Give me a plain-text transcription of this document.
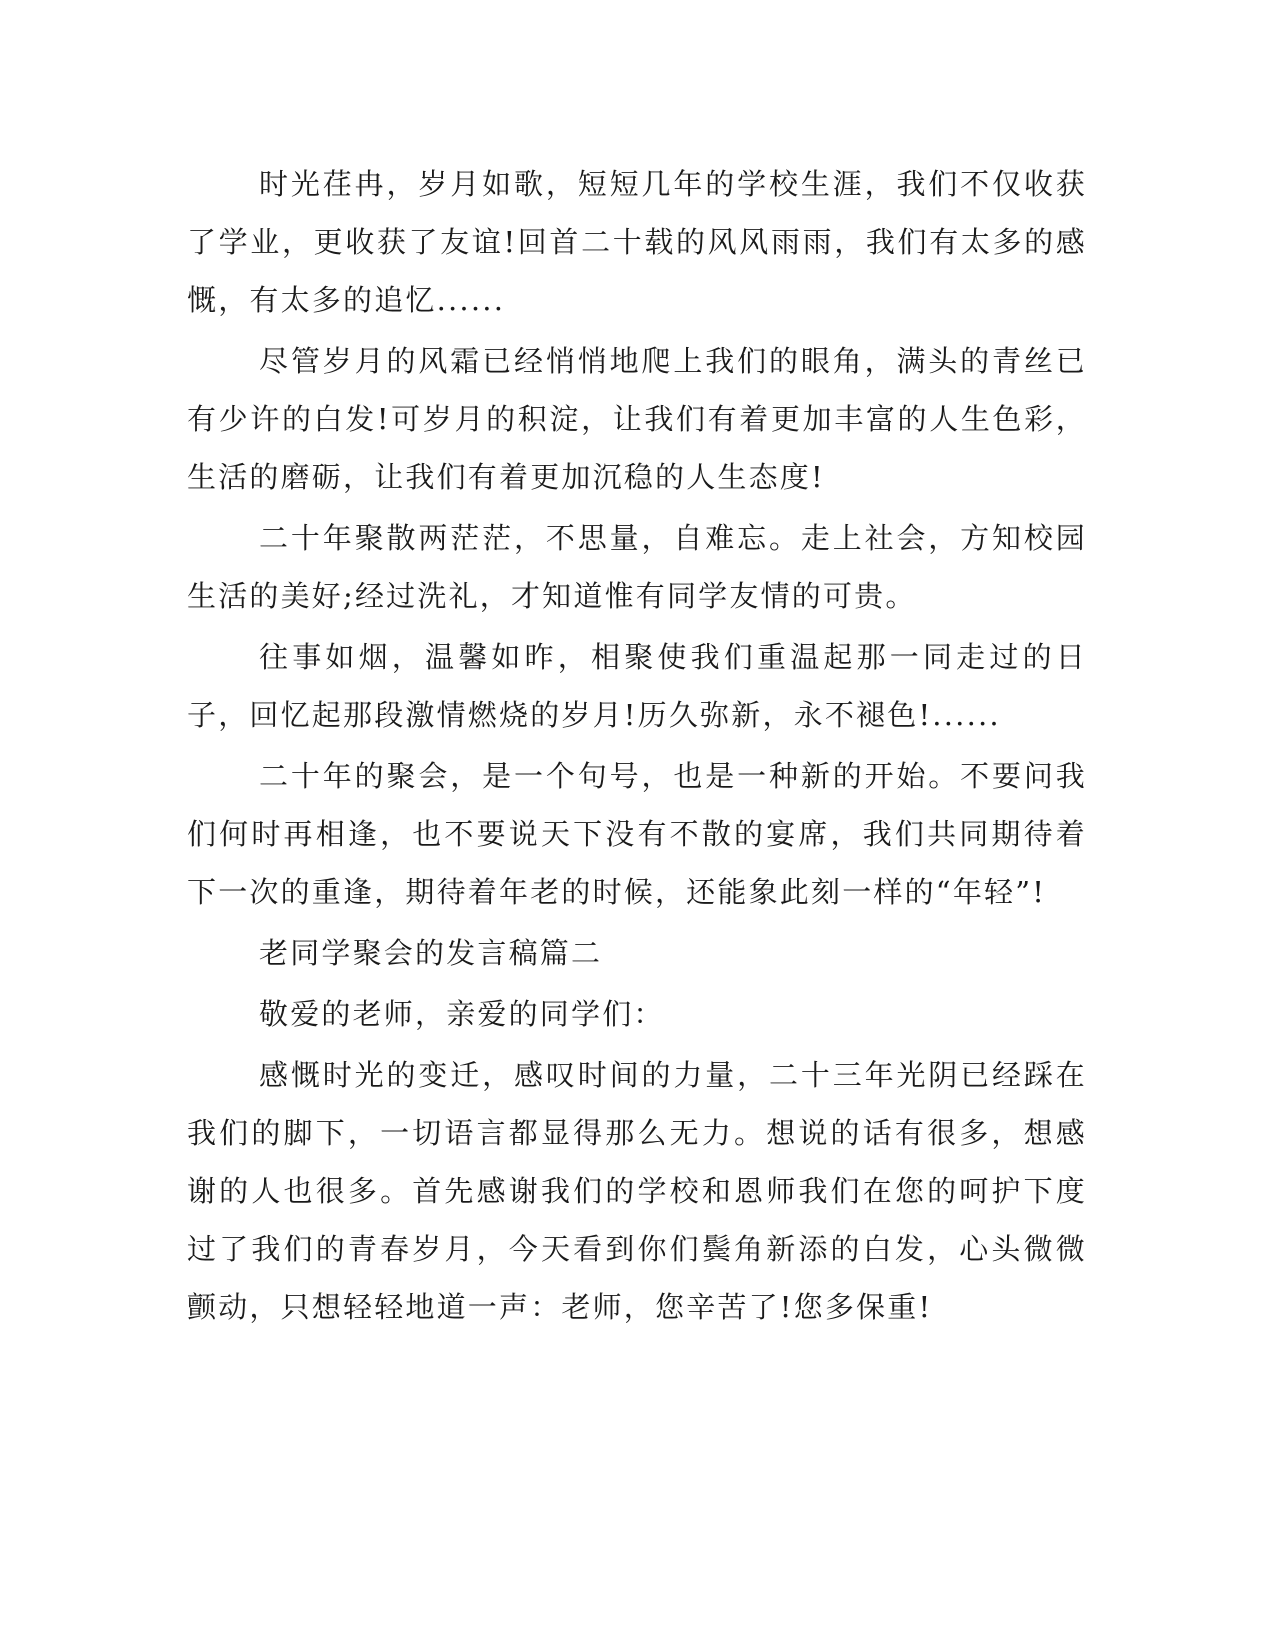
时光荏冉，岁月如歌，短短几年的学校生涯，我们不仅收获了学业，更收获了友谊!回首二十载的风风雨雨，我们有太多的感慨，有太多的追忆......

尽管岁月的风霜已经悄悄地爬上我们的眼角，满头的青丝已有少许的白发!可岁月的积淀，让我们有着更加丰富的人生色彩，生活的磨砺，让我们有着更加沉稳的人生态度!

二十年聚散两茫茫，不思量，自难忘。走上社会，方知校园生活的美好;经过洗礼，才知道惟有同学友情的可贵。

往事如烟，温馨如昨，相聚使我们重温起那一同走过的日子，回忆起那段激情燃烧的岁月!历久弥新，永不褪色!......

二十年的聚会，是一个句号，也是一种新的开始。不要问我们何时再相逢，也不要说天下没有不散的宴席，我们共同期待着下一次的重逢，期待着年老的时候，还能象此刻一样的“年轻”!

老同学聚会的发言稿篇二

敬爱的老师，亲爱的同学们：

感慨时光的变迁，感叹时间的力量，二十三年光阴已经踩在我们的脚下，一切语言都显得那么无力。想说的话有很多，想感谢的人也很多。首先感谢我们的学校和恩师我们在您的呵护下度过了我们的青春岁月，今天看到你们鬓角新添的白发，心头微微颤动，只想轻轻地道一声：老师，您辛苦了!您多保重!
